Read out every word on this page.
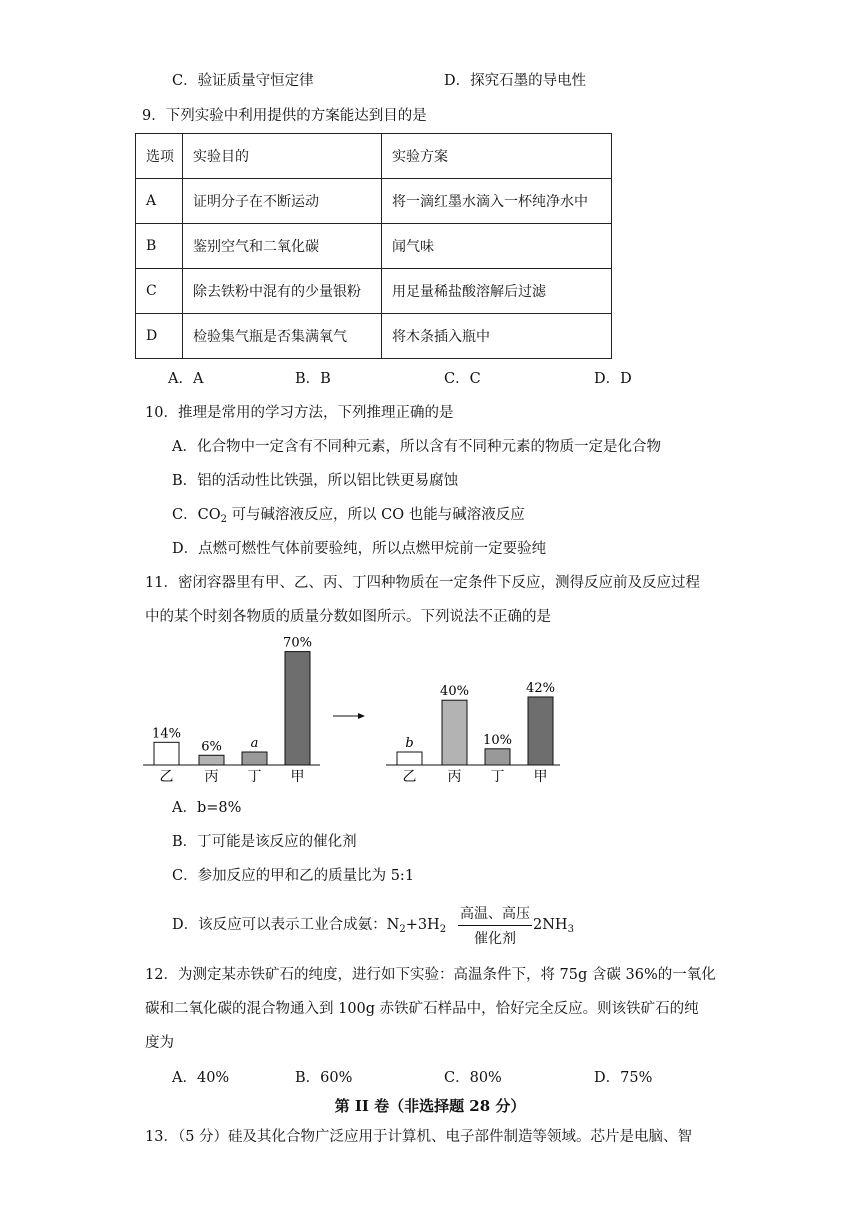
C．验证质量守恒定律	D．探究石墨的导电性
9．下列实验中利用提供的方案能达到目的是
选项	实验目的	实验方案
A	证明分子在不断运动	将一滴红墨水滴入一杯纯净水中
B	鉴别空气和二氧化碳	闻气味
C	除去铁粉中混有的少量银粉	用足量稀盐酸溶解后过滤
D	检验集气瓶是否集满氧气	将木条插入瓶中
A．A	B．B	C．C	D．D
10．推理是常用的学习方法，下列推理正确的是
A．化合物中一定含有不同种元素，所以含有不同种元素的物质一定是化合物
B．铝的活动性比铁强，所以铝比铁更易腐蚀
C．$CO_2$ 可与碱溶液反应，所以 CO 也能与碱溶液反应
D．点燃可燃性气体前要验纯，所以点燃甲烷前一定要验纯
11．密闭容器里有甲、乙、丙、丁四种物质在一定条件下反应，测得反应前及反应过程
中的某个时刻各物质的质量分数如图所示。下列说法不正确的是
14%
乙
6%
丙
a
丁
70%
甲
b
乙
40%
丙
10%
丁
42%
甲
A．b=8%
B．丁可能是该反应的催化剂
C．参加反应的甲和乙的质量比为 5:1
D．该反应可以表示工业合成氨：$N_2+3H_2$
高温、高压
催化剂
$2NH_3$
12．为测定某赤铁矿石的纯度，进行如下实验：高温条件下，将 75g 含碳 36%的一氧化
碳和二氧化碳的混合物通入到 100g 赤铁矿石样品中，恰好完全反应。则该铁矿石的纯
度为
A．40%	B．60%	C．80%	D．75%
第 II 卷（非选择题 28 分）
13．（5 分）硅及其化合物广泛应用于计算机、电子部件制造等领域。芯片是电脑、智
